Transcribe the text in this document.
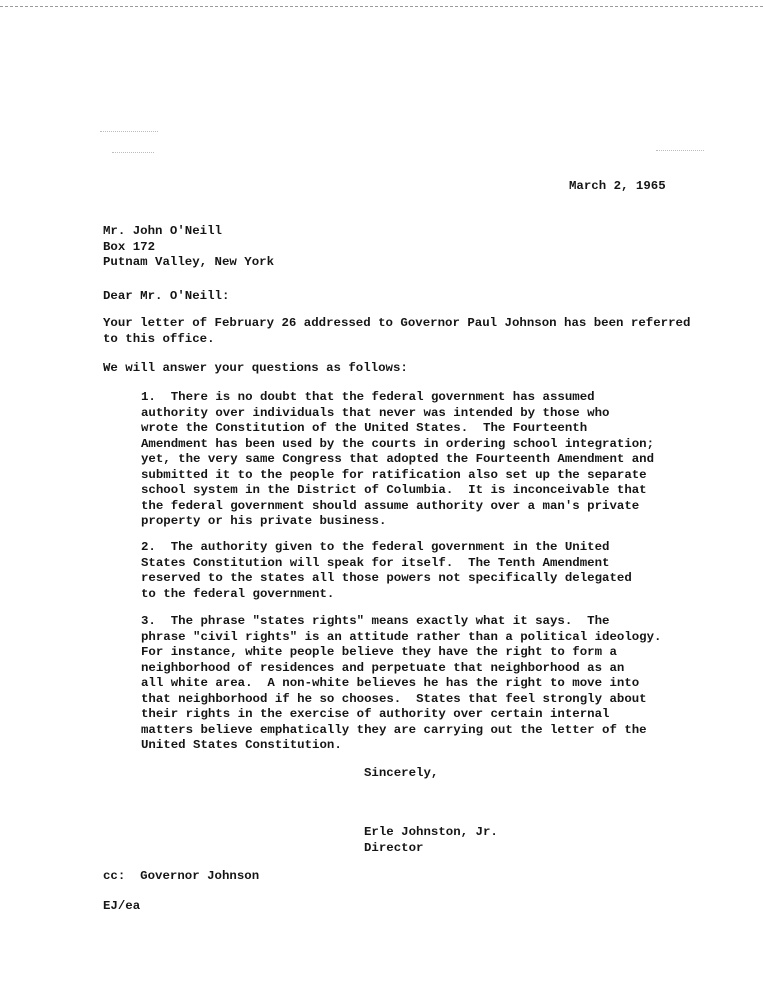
March 2, 1965
Mr. John O'Neill
Box 172
Putnam Valley, New York
Dear Mr. O'Neill:
Your letter of February 26 addressed to Governor Paul Johnson has been referred
to this office.
We will answer your questions as follows:
1.  There is no doubt that the federal government has assumed
authority over individuals that never was intended by those who
wrote the Constitution of the United States.  The Fourteenth
Amendment has been used by the courts in ordering school integration;
yet, the very same Congress that adopted the Fourteenth Amendment and
submitted it to the people for ratification also set up the separate
school system in the District of Columbia.  It is inconceivable that
the federal government should assume authority over a man's private
property or his private business.
2.  The authority given to the federal government in the United
States Constitution will speak for itself.  The Tenth Amendment
reserved to the states all those powers not specifically delegated
to the federal government.
3.  The phrase "states rights" means exactly what it says.  The
phrase "civil rights" is an attitude rather than a political ideology.
For instance, white people believe they have the right to form a
neighborhood of residences and perpetuate that neighborhood as an
all white area.  A non-white believes he has the right to move into
that neighborhood if he so chooses.  States that feel strongly about
their rights in the exercise of authority over certain internal
matters believe emphatically they are carrying out the letter of the
United States Constitution.
Sincerely,
Erle Johnston, Jr.
Director
cc:  Governor Johnson
EJ/ea
